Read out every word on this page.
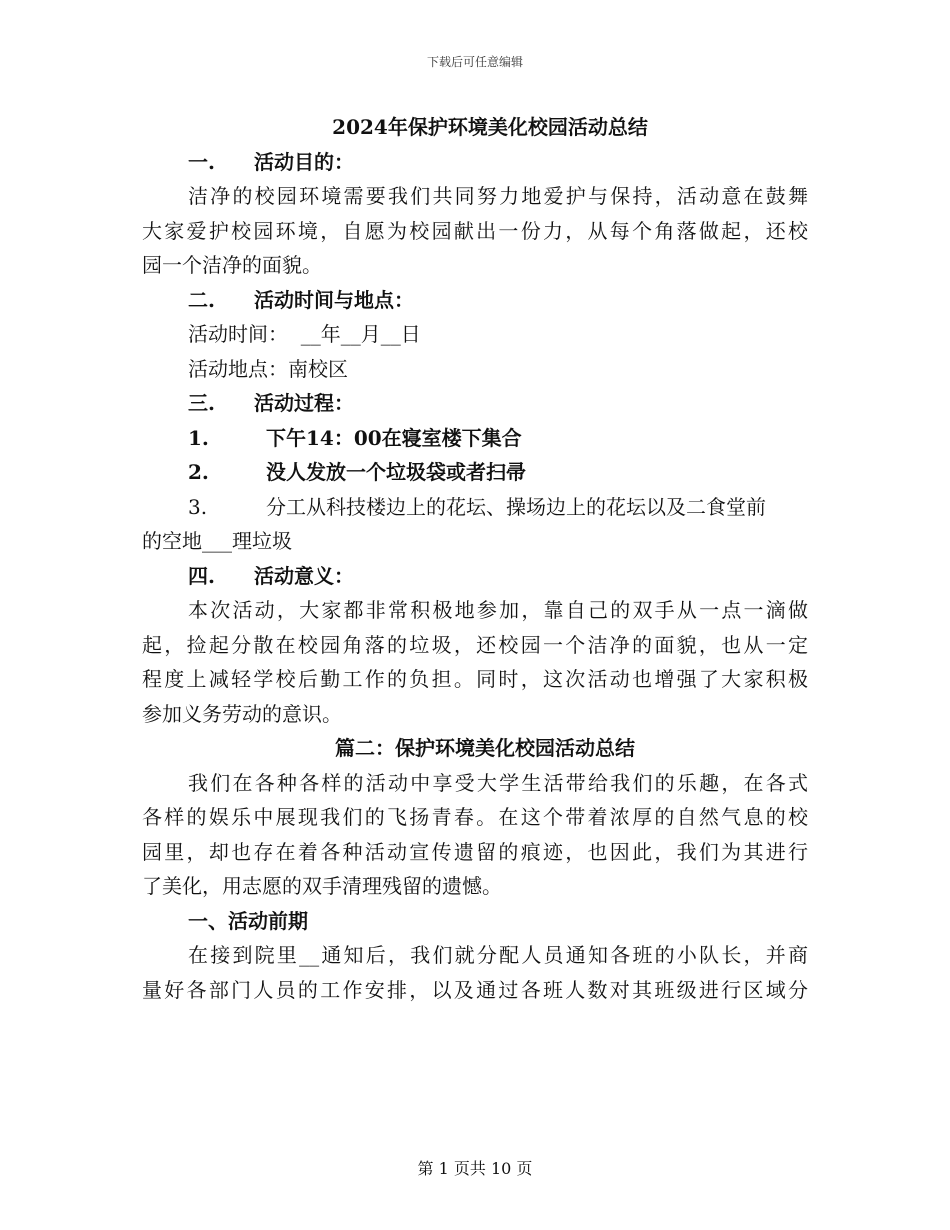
下载后可任意编辑
2024年保护环境美化校园活动总结
一. 活动目的：
洁净的校园环境需要我们共同努力地爱护与保持，活动意在鼓舞
大家爱护校园环境，自愿为校园献出一份力，从每个角落做起，还校
园一个洁净的面貌。
二. 活动时间与地点：
活动时间：  __年__月__日
活动地点：南校区
三. 活动过程：
1.	下午14：00在寝室楼下集合
2.	没人发放一个垃圾袋或者扫帚
3.	分工从科技楼边上的花坛、操场边上的花坛以及二食堂前
的空地___理垃圾
四. 活动意义：
本次活动，大家都非常积极地参加，靠自己的双手从一点一滴做
起，捡起分散在校园角落的垃圾，还校园一个洁净的面貌，也从一定
程度上减轻学校后勤工作的负担。同时，这次活动也增强了大家积极
参加义务劳动的意识。
篇二：保护环境美化校园活动总结
我们在各种各样的活动中享受大学生活带给我们的乐趣，在各式
各样的娱乐中展现我们的飞扬青春。在这个带着浓厚的自然气息的校
园里，却也存在着各种活动宣传遗留的痕迹，也因此，我们为其进行
了美化，用志愿的双手清理残留的遗憾。
一、活动前期
在接到院里__通知后，我们就分配人员通知各班的小队长，并商
量好各部门人员的工作安排，以及通过各班人数对其班级进行区域分
第 1 页共 10 页
